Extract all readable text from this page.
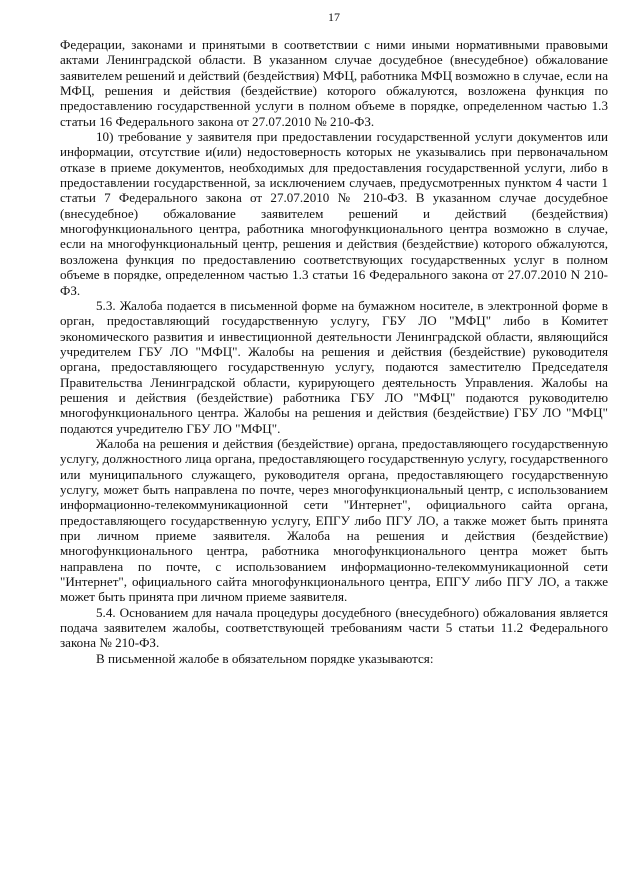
17

Федерации, законами и принятыми в соответствии с ними иными нормативными правовыми актами Ленинградской области. В указанном случае досудебное (внесудебное) обжалование заявителем решений и действий (бездействия) МФЦ, работника МФЦ возможно в случае, если на МФЦ, решения и действия (бездействие) которого обжалуются, возложена функция по предоставлению государственной услуги в полном объеме в порядке, определенном частью 1.3 статьи 16 Федерального закона от 27.07.2010 № 210-ФЗ.

10) требование у заявителя при предоставлении государственной услуги документов или информации, отсутствие и(или) недостоверность которых не указывались при первоначальном отказе в приеме документов, необходимых для предоставления государственной услуги, либо в предоставлении государственной, за исключением случаев, предусмотренных пунктом 4 части 1 статьи 7 Федерального закона от 27.07.2010 № 210-ФЗ. В указанном случае досудебное (внесудебное) обжалование заявителем решений и действий (бездействия) многофункционального центра, работника многофункционального центра возможно в случае, если на многофункциональный центр, решения и действия (бездействие) которого обжалуются, возложена функция по предоставлению соответствующих государственных услуг в полном объеме в порядке, определенном частью 1.3 статьи 16 Федерального закона от 27.07.2010 N 210-ФЗ.

5.3. Жалоба подается в письменной форме на бумажном носителе, в электронной форме в орган, предоставляющий государственную услугу, ГБУ ЛО "МФЦ" либо в Комитет экономического развития и инвестиционной деятельности Ленинградской области, являющийся учредителем ГБУ ЛО "МФЦ". Жалобы на решения и действия (бездействие) руководителя органа, предоставляющего государственную услугу, подаются заместителю Председателя Правительства Ленинградской области, курирующего деятельность Управления. Жалобы на решения и действия (бездействие) работника ГБУ ЛО "МФЦ" подаются руководителю многофункционального центра. Жалобы на решения и действия (бездействие) ГБУ ЛО "МФЦ" подаются учредителю ГБУ ЛО "МФЦ".

Жалоба на решения и действия (бездействие) органа, предоставляющего государственную услугу, должностного лица органа, предоставляющего государственную услугу, государственного или муниципального служащего, руководителя органа, предоставляющего государственную услугу, может быть направлена по почте, через многофункциональный центр, с использованием информационно-телекоммуникационной сети "Интернет", официального сайта органа, предоставляющего государственную услугу, ЕПГУ либо ПГУ ЛО, а также может быть принята при личном приеме заявителя. Жалоба на решения и действия (бездействие) многофункционального центра, работника многофункционального центра может быть направлена по почте, с использованием информационно-телекоммуникационной сети "Интернет", официального сайта многофункционального центра, ЕПГУ либо ПГУ ЛО, а также может быть принята при личном приеме заявителя.

5.4. Основанием для начала процедуры досудебного (внесудебного) обжалования является подача заявителем жалобы, соответствующей требованиям части 5 статьи 11.2 Федерального закона № 210-ФЗ.

В письменной жалобе в обязательном порядке указываются:
